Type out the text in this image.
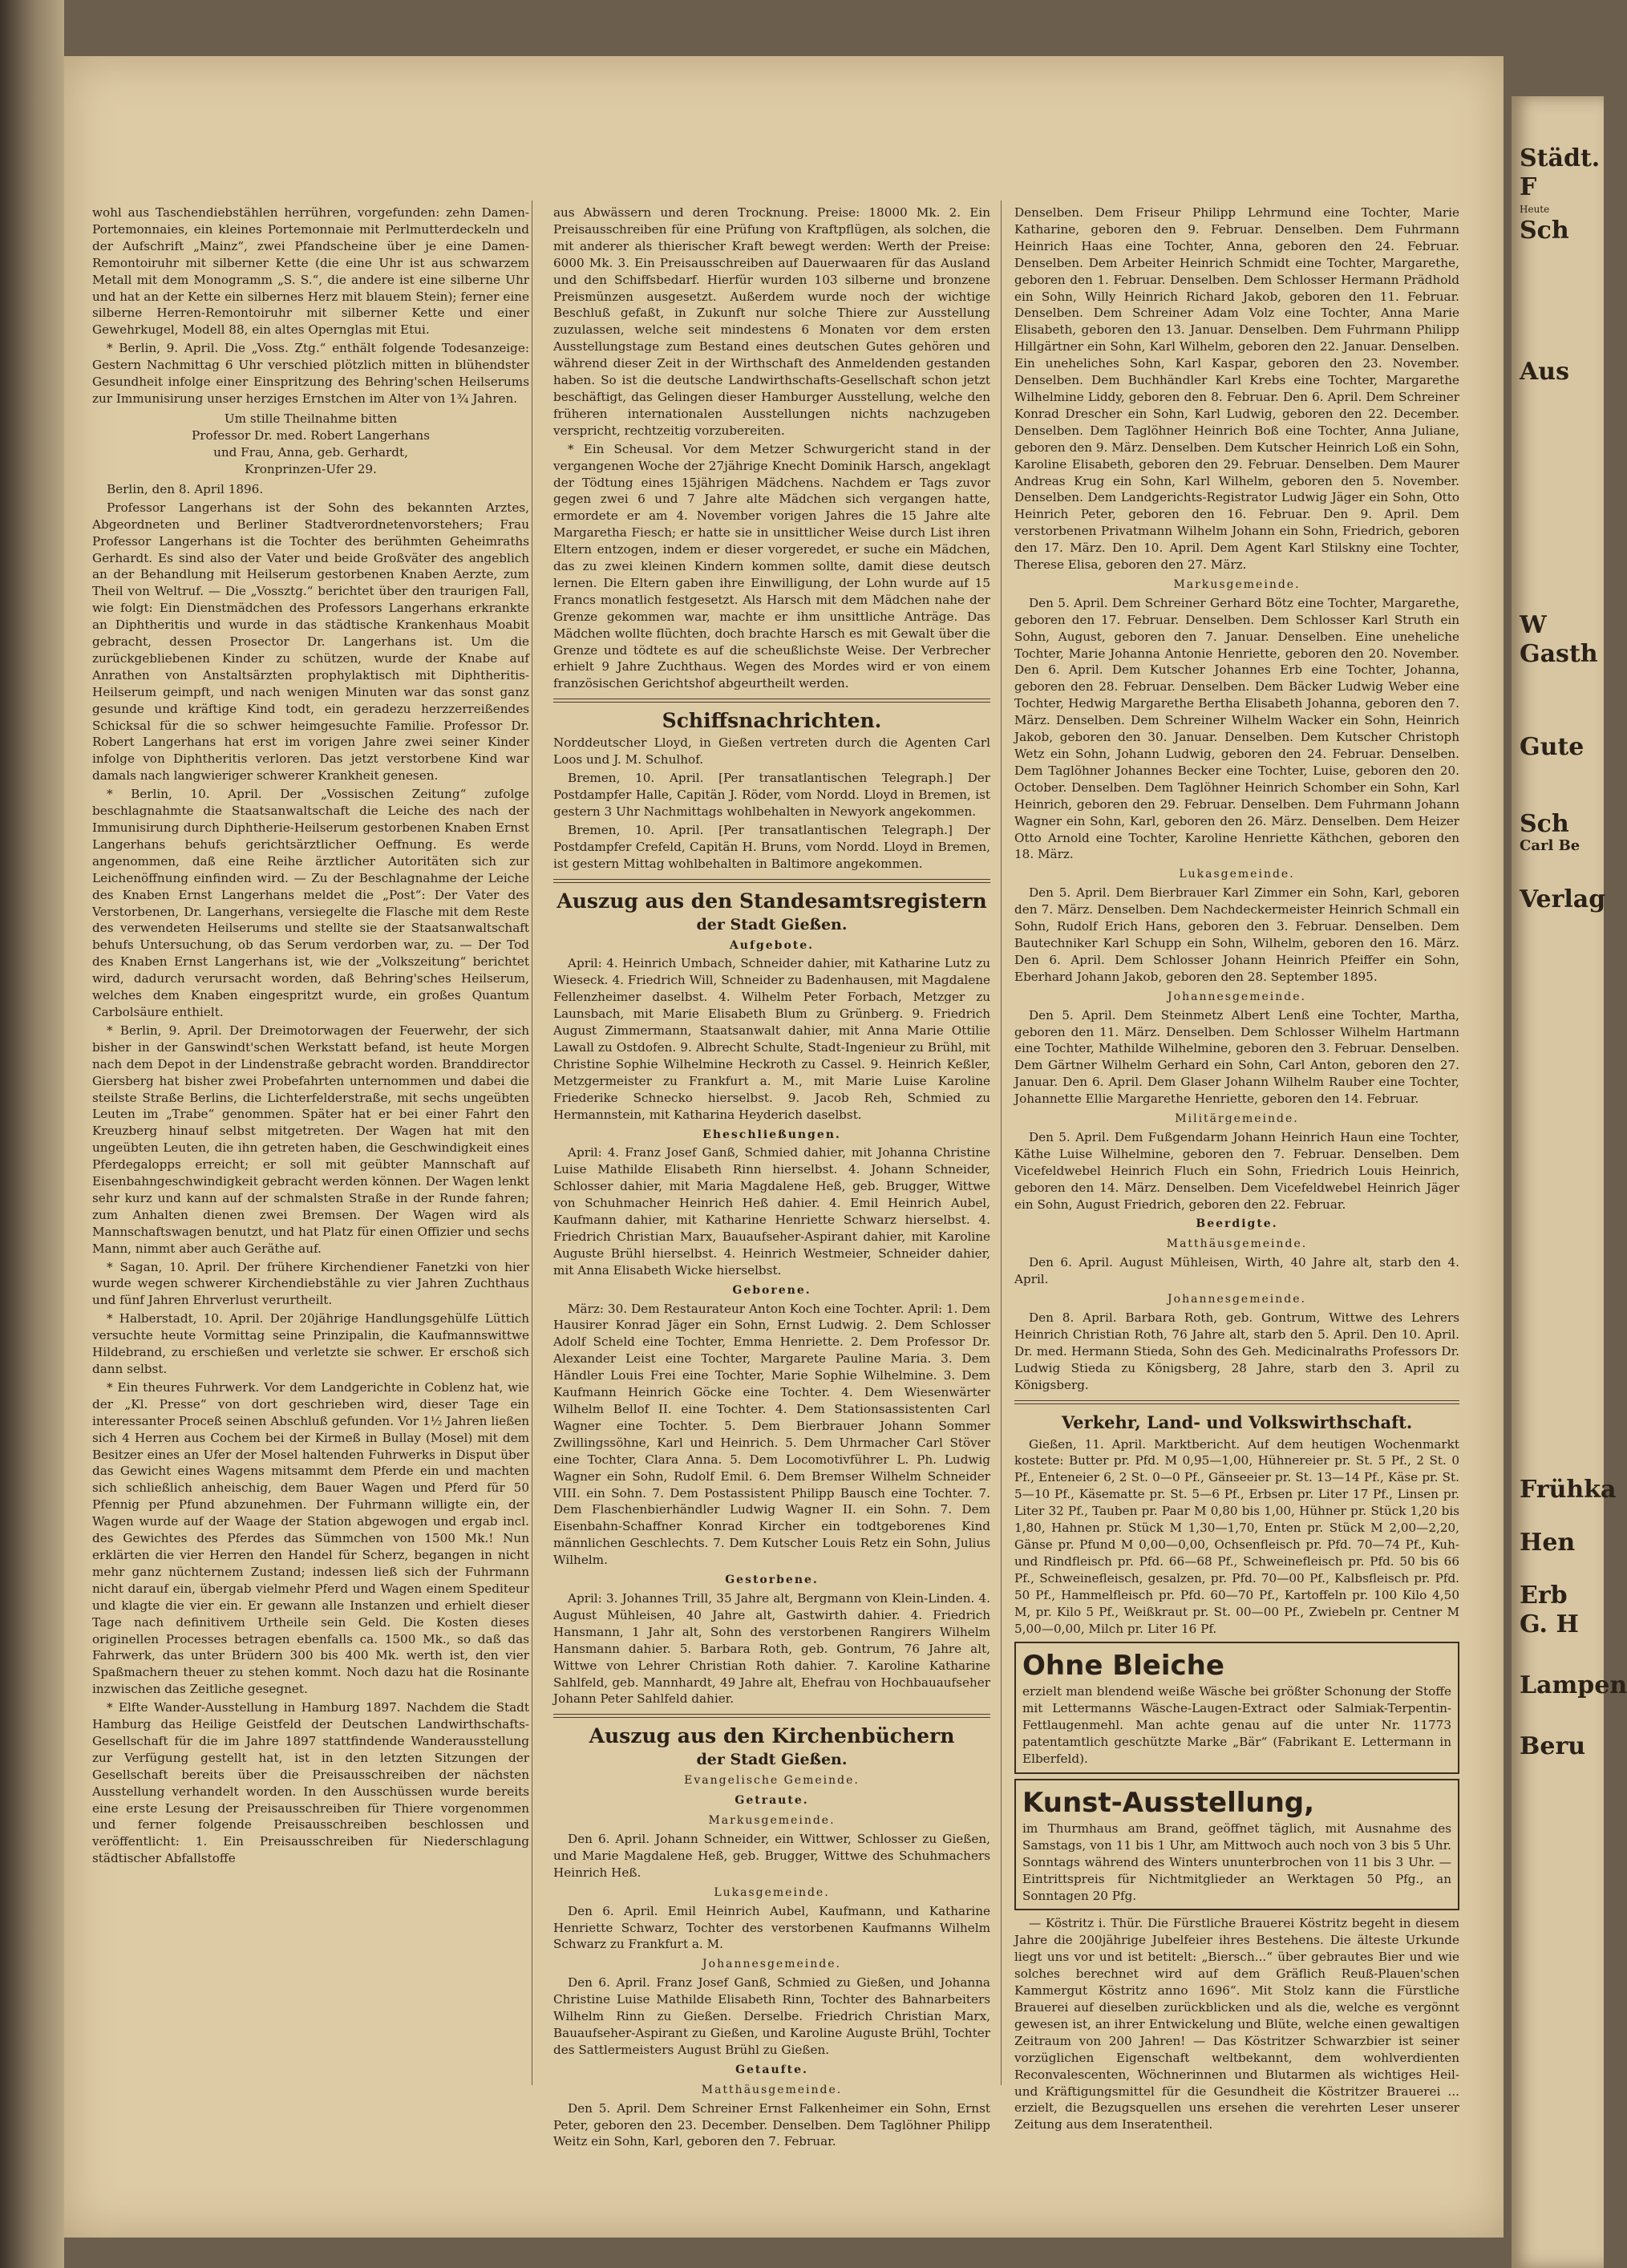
wohl aus Taschendiebstählen herrühren, vorgefunden: zehn Damen-Portemonnaies, ein kleines Portemonnaie mit Perlmutterdeckeln und der Aufschrift „Mainz“, zwei Pfandscheine über je eine Damen-Remontoiruhr mit silberner Kette (die eine Uhr ist aus schwarzem Metall mit dem Monogramm „S. S.“, die andere ist eine silberne Uhr und hat an der Kette ein silbernes Herz mit blauem Stein); ferner eine silberne Herren-Remontoiruhr mit silberner Kette und einer Gewehrkugel, Modell 88, ein altes Opernglas mit Etui.

* Berlin, 9. April. Die „Voss. Ztg.“ enthält folgende Todesanzeige: Gestern Nachmittag 6 Uhr verschied plötzlich mitten in blühendster Gesundheit infolge einer Einspritzung des Behring'schen Heilserums zur Immunisirung unser herziges Ernstchen im Alter von 1¾ Jahren.

Um stille Theilnahme bitten
Professor Dr. med. Robert Langerhans
und Frau, Anna, geb. Gerhardt,
Kronprinzen-Ufer 29.

Berlin, den 8. April 1896.

Professor Langerhans ist der Sohn des bekannten Arztes, Abgeordneten und Berliner Stadtverordnetenvorstehers; Frau Professor Langerhans ist die Tochter des berühmten Geheimraths Gerhardt. Es sind also der Vater und beide Großväter des angeblich an der Behandlung mit Heilserum gestorbenen Knaben Aerzte, zum Theil von Weltruf. — Die „Vossztg.“ berichtet über den traurigen Fall, wie folgt: Ein Dienstmädchen des Professors Langerhans erkrankte an Diphtheritis und wurde in das städtische Krankenhaus Moabit gebracht, dessen Prosector Dr. Langerhans ist. Um die zurückgebliebenen Kinder zu schützen, wurde der Knabe auf Anrathen von Anstaltsärzten prophylaktisch mit Diphtheritis-Heilserum geimpft, und nach wenigen Minuten war das sonst ganz gesunde und kräftige Kind todt, ein geradezu herzzerreißendes Schicksal für die so schwer heimgesuchte Familie. Professor Dr. Robert Langerhans hat erst im vorigen Jahre zwei seiner Kinder infolge von Diphtheritis verloren. Das jetzt verstorbene Kind war damals nach langwieriger schwerer Krankheit genesen.

* Berlin, 10. April. Der „Vossischen Zeitung“ zufolge beschlagnahmte die Staatsanwaltschaft die Leiche des nach der Immunisirung durch Diphtherie-Heilserum gestorbenen Knaben Ernst Langerhans behufs gerichtsärztlicher Oeffnung. Es werde angenommen, daß eine Reihe ärztlicher Autoritäten sich zur Leichenöffnung einfinden wird. — Zu der Beschlagnahme der Leiche des Knaben Ernst Langerhans meldet die „Post“: Der Vater des Verstorbenen, Dr. Langerhans, versiegelte die Flasche mit dem Reste des verwendeten Heilserums und stellte sie der Staatsanwaltschaft behufs Untersuchung, ob das Serum verdorben war, zu. — Der Tod des Knaben Ernst Langerhans ist, wie der „Volkszeitung“ berichtet wird, dadurch verursacht worden, daß Behring'sches Heilserum, welches dem Knaben eingespritzt wurde, ein großes Quantum Carbolsäure enthielt.

* Berlin, 9. April. Der Dreimotorwagen der Feuerwehr, der sich bisher in der Ganswindt'schen Werkstatt befand, ist heute Morgen nach dem Depot in der Lindenstraße gebracht worden. Branddirector Giersberg hat bisher zwei Probefahrten unternommen und dabei die steilste Straße Berlins, die Lichterfelderstraße, mit sechs ungeübten Leuten im „Trabe“ genommen. Später hat er bei einer Fahrt den Kreuzberg hinauf selbst mitgetreten. Der Wagen hat mit den ungeübten Leuten, die ihn getreten haben, die Geschwindigkeit eines Pferdegalopps erreicht; er soll mit geübter Mannschaft auf Eisenbahngeschwindigkeit gebracht werden können. Der Wagen lenkt sehr kurz und kann auf der schmalsten Straße in der Runde fahren; zum Anhalten dienen zwei Bremsen. Der Wagen wird als Mannschaftswagen benutzt, und hat Platz für einen Offizier und sechs Mann, nimmt aber auch Geräthe auf.

* Sagan, 10. April. Der frühere Kirchendiener Fanetzki von hier wurde wegen schwerer Kirchendiebstähle zu vier Jahren Zuchthaus und fünf Jahren Ehrverlust verurtheilt.

* Halberstadt, 10. April. Der 20jährige Handlungsgehülfe Lüttich versuchte heute Vormittag seine Prinzipalin, die Kaufmannswittwe Hildebrand, zu erschießen und verletzte sie schwer. Er erschoß sich dann selbst.

* Ein theures Fuhrwerk. Vor dem Landgerichte in Coblenz hat, wie der „Kl. Presse“ von dort geschrieben wird, dieser Tage ein interessanter Proceß seinen Abschluß gefunden. Vor 1½ Jahren ließen sich 4 Herren aus Cochem bei der Kirmeß in Bullay (Mosel) mit dem Besitzer eines an Ufer der Mosel haltenden Fuhrwerks in Disput über das Gewicht eines Wagens mitsammt dem Pferde ein und machten sich schließlich anheischig, dem Bauer Wagen und Pferd für 50 Pfennig per Pfund abzunehmen. Der Fuhrmann willigte ein, der Wagen wurde auf der Waage der Station abgewogen und ergab incl. des Gewichtes des Pferdes das Sümmchen von 1500 Mk.! Nun erklärten die vier Herren den Handel für Scherz, begangen in nicht mehr ganz nüchternem Zustand; indessen ließ sich der Fuhrmann nicht darauf ein, übergab vielmehr Pferd und Wagen einem Spediteur und klagte die vier ein. Er gewann alle Instanzen und erhielt dieser Tage nach definitivem Urtheile sein Geld. Die Kosten dieses originellen Processes betragen ebenfalls ca. 1500 Mk., so daß das Fahrwerk, das unter Brüdern 300 bis 400 Mk. werth ist, den vier Spaßmachern theuer zu stehen kommt. Noch dazu hat die Rosinante inzwischen das Zeitliche gesegnet.

* Elfte Wander-Ausstellung in Hamburg 1897. Nachdem die Stadt Hamburg das Heilige Geistfeld der Deutschen Landwirthschafts-Gesellschaft für die im Jahre 1897 stattfindende Wanderausstellung zur Verfügung gestellt hat, ist in den letzten Sitzungen der Gesellschaft bereits über die Preisausschreiben der nächsten Ausstellung verhandelt worden. In den Ausschüssen wurde bereits eine erste Lesung der Preisausschreiben für Thiere vorgenommen und ferner folgende Preisausschreiben beschlossen und veröffentlicht: 1. Ein Preisausschreiben für Niederschlagung städtischer Abfallstoffe

aus Abwässern und deren Trocknung. Preise: 18000 Mk. 2. Ein Preisausschreiben für eine Prüfung von Kraftpflügen, als solchen, die mit anderer als thierischer Kraft bewegt werden: Werth der Preise: 6000 Mk. 3. Ein Preisausschreiben auf Dauerwaaren für das Ausland und den Schiffsbedarf. Hierfür wurden 103 silberne und bronzene Preismünzen ausgesetzt. Außerdem wurde noch der wichtige Beschluß gefaßt, in Zukunft nur solche Thiere zur Ausstellung zuzulassen, welche seit mindestens 6 Monaten vor dem ersten Ausstellungstage zum Bestand eines deutschen Gutes gehören und während dieser Zeit in der Wirthschaft des Anmeldenden gestanden haben. So ist die deutsche Landwirthschafts-Gesellschaft schon jetzt beschäftigt, das Gelingen dieser Hamburger Ausstellung, welche den früheren internationalen Ausstellungen nichts nachzugeben verspricht, rechtzeitig vorzubereiten.

* Ein Scheusal. Vor dem Metzer Schwurgericht stand in der vergangenen Woche der 27jährige Knecht Dominik Harsch, angeklagt der Tödtung eines 15jährigen Mädchens. Nachdem er Tags zuvor gegen zwei 6 und 7 Jahre alte Mädchen sich vergangen hatte, ermordete er am 4. November vorigen Jahres die 15 Jahre alte Margaretha Fiesch; er hatte sie in unsittlicher Weise durch List ihren Eltern entzogen, indem er dieser vorgeredet, er suche ein Mädchen, das zu zwei kleinen Kindern kommen sollte, damit diese deutsch lernen. Die Eltern gaben ihre Einwilligung, der Lohn wurde auf 15 Francs monatlich festgesetzt. Als Harsch mit dem Mädchen nahe der Grenze gekommen war, machte er ihm unsittliche Anträge. Das Mädchen wollte flüchten, doch brachte Harsch es mit Gewalt über die Grenze und tödtete es auf die scheußlichste Weise. Der Verbrecher erhielt 9 Jahre Zuchthaus. Wegen des Mordes wird er von einem französischen Gerichtshof abgeurtheilt werden.

Schiffsnachrichten.

Norddeutscher Lloyd, in Gießen vertreten durch die Agenten Carl Loos und J. M. Schulhof.

Bremen, 10. April. [Per transatlantischen Telegraph.] Der Postdampfer Halle, Capitän J. Röder, vom Nordd. Lloyd in Bremen, ist gestern 3 Uhr Nachmittags wohlbehalten in Newyork angekommen.

Bremen, 10. April. [Per transatlantischen Telegraph.] Der Postdampfer Crefeld, Capitän H. Bruns, vom Nordd. Lloyd in Bremen, ist gestern Mittag wohlbehalten in Baltimore angekommen.

Auszug aus den Standesamtsregistern
der Stadt Gießen.
Aufgebote.

April: 4. Heinrich Umbach, Schneider dahier, mit Katharine Lutz zu Wieseck. 4. Friedrich Will, Schneider zu Badenhausen, mit Magdalene Fellenzheimer daselbst. 4. Wilhelm Peter Forbach, Metzger zu Launsbach, mit Marie Elisabeth Blum zu Grünberg. 9. Friedrich August Zimmermann, Staatsanwalt dahier, mit Anna Marie Ottilie Lawall zu Ostdofen. 9. Albrecht Schulte, Stadt-Ingenieur zu Brühl, mit Christine Sophie Wilhelmine Heckroth zu Cassel. 9. Heinrich Keßler, Metzgermeister zu Frankfurt a. M., mit Marie Luise Karoline Friederike Schnecko hierselbst. 9. Jacob Reh, Schmied zu Hermannstein, mit Katharina Heyderich daselbst.

Eheschließungen.

April: 4. Franz Josef Ganß, Schmied dahier, mit Johanna Christine Luise Mathilde Elisabeth Rinn hierselbst. 4. Johann Schneider, Schlosser dahier, mit Maria Magdalene Heß, geb. Brugger, Wittwe von Schuhmacher Heinrich Heß dahier. 4. Emil Heinrich Aubel, Kaufmann dahier, mit Katharine Henriette Schwarz hierselbst. 4. Friedrich Christian Marx, Bauaufseher-Aspirant dahier, mit Karoline Auguste Brühl hierselbst. 4. Heinrich Westmeier, Schneider dahier, mit Anna Elisabeth Wicke hierselbst.

Geborene.

März: 30. Dem Restaurateur Anton Koch eine Tochter. April: 1. Dem Hausirer Konrad Jäger ein Sohn, Ernst Ludwig. 2. Dem Schlosser Adolf Scheld eine Tochter, Emma Henriette. 2. Dem Professor Dr. Alexander Leist eine Tochter, Margarete Pauline Maria. 3. Dem Händler Louis Frei eine Tochter, Marie Sophie Wilhelmine. 3. Dem Kaufmann Heinrich Göcke eine Tochter. 4. Dem Wiesenwärter Wilhelm Bellof II. eine Tochter. 4. Dem Stationsassistenten Carl Wagner eine Tochter. 5. Dem Bierbrauer Johann Sommer Zwillingssöhne, Karl und Heinrich. 5. Dem Uhrmacher Carl Stöver eine Tochter, Clara Anna. 5. Dem Locomotivführer L. Ph. Ludwig Wagner ein Sohn, Rudolf Emil. 6. Dem Bremser Wilhelm Schneider VIII. ein Sohn. 7. Dem Postassistent Philipp Bausch eine Tochter. 7. Dem Flaschenbierhändler Ludwig Wagner II. ein Sohn. 7. Dem Eisenbahn-Schaffner Konrad Kircher ein todtgeborenes Kind männlichen Geschlechts. 7. Dem Kutscher Louis Retz ein Sohn, Julius Wilhelm.

Gestorbene.

April: 3. Johannes Trill, 35 Jahre alt, Bergmann von Klein-Linden. 4. August Mühleisen, 40 Jahre alt, Gastwirth dahier. 4. Friedrich Hansmann, 1 Jahr alt, Sohn des verstorbenen Rangirers Wilhelm Hansmann dahier. 5. Barbara Roth, geb. Gontrum, 76 Jahre alt, Wittwe von Lehrer Christian Roth dahier. 7. Karoline Katharine Sahlfeld, geb. Mannhardt, 49 Jahre alt, Ehefrau von Hochbauaufseher Johann Peter Sahlfeld dahier.

Auszug aus den Kirchenbüchern
der Stadt Gießen.
Evangelische Gemeinde.
Getraute.
Markusgemeinde.

Den 6. April. Johann Schneider, ein Wittwer, Schlosser zu Gießen, und Marie Magdalene Heß, geb. Brugger, Wittwe des Schuhmachers Heinrich Heß.

Lukasgemeinde.

Den 6. April. Emil Heinrich Aubel, Kaufmann, und Katharine Henriette Schwarz, Tochter des verstorbenen Kaufmanns Wilhelm Schwarz zu Frankfurt a. M.

Johannesgemeinde.

Den 6. April. Franz Josef Ganß, Schmied zu Gießen, und Johanna Christine Luise Mathilde Elisabeth Rinn, Tochter des Bahnarbeiters Wilhelm Rinn zu Gießen. Derselbe. Friedrich Christian Marx, Bauaufseher-Aspirant zu Gießen, und Karoline Auguste Brühl, Tochter des Sattlermeisters August Brühl zu Gießen.

Getaufte.
Matthäusgemeinde.

Den 5. April. Dem Schreiner Ernst Falkenheimer ein Sohn, Ernst Peter, geboren den 23. December. Denselben. Dem Taglöhner Philipp Weitz ein Sohn, Karl, geboren den 7. Februar.

Denselben. Dem Friseur Philipp Lehrmund eine Tochter, Marie Katharine, geboren den 9. Februar. Denselben. Dem Fuhrmann Heinrich Haas eine Tochter, Anna, geboren den 24. Februar. Denselben. Dem Arbeiter Heinrich Schmidt eine Tochter, Margarethe, geboren den 1. Februar. Denselben. Dem Schlosser Hermann Prädhold ein Sohn, Willy Heinrich Richard Jakob, geboren den 11. Februar. Denselben. Dem Schreiner Adam Volz eine Tochter, Anna Marie Elisabeth, geboren den 13. Januar. Denselben. Dem Fuhrmann Philipp Hillgärtner ein Sohn, Karl Wilhelm, geboren den 22. Januar. Denselben. Ein uneheliches Sohn, Karl Kaspar, geboren den 23. November. Denselben. Dem Buchhändler Karl Krebs eine Tochter, Margarethe Wilhelmine Liddy, geboren den 8. Februar. Den 6. April. Dem Schreiner Konrad Drescher ein Sohn, Karl Ludwig, geboren den 22. December. Denselben. Dem Taglöhner Heinrich Boß eine Tochter, Anna Juliane, geboren den 9. März. Denselben. Dem Kutscher Heinrich Loß ein Sohn, Karoline Elisabeth, geboren den 29. Februar. Denselben. Dem Maurer Andreas Krug ein Sohn, Karl Wilhelm, geboren den 5. November. Denselben. Dem Landgerichts-Registrator Ludwig Jäger ein Sohn, Otto Heinrich Peter, geboren den 16. Februar. Den 9. April. Dem verstorbenen Privatmann Wilhelm Johann ein Sohn, Friedrich, geboren den 17. März. Den 10. April. Dem Agent Karl Stilskny eine Tochter, Therese Elisa, geboren den 27. März.

Markusgemeinde.

Den 5. April. Dem Schreiner Gerhard Bötz eine Tochter, Margarethe, geboren den 17. Februar. Denselben. Dem Schlosser Karl Struth ein Sohn, August, geboren den 7. Januar. Denselben. Eine uneheliche Tochter, Marie Johanna Antonie Henriette, geboren den 20. November. Den 6. April. Dem Kutscher Johannes Erb eine Tochter, Johanna, geboren den 28. Februar. Denselben. Dem Bäcker Ludwig Weber eine Tochter, Hedwig Margarethe Bertha Elisabeth Johanna, geboren den 7. März. Denselben. Dem Schreiner Wilhelm Wacker ein Sohn, Heinrich Jakob, geboren den 30. Januar. Denselben. Dem Kutscher Christoph Wetz ein Sohn, Johann Ludwig, geboren den 24. Februar. Denselben. Dem Taglöhner Johannes Becker eine Tochter, Luise, geboren den 20. October. Denselben. Dem Taglöhner Heinrich Schomber ein Sohn, Karl Heinrich, geboren den 29. Februar. Denselben. Dem Fuhrmann Johann Wagner ein Sohn, Karl, geboren den 26. März. Denselben. Dem Heizer Otto Arnold eine Tochter, Karoline Henriette Käthchen, geboren den 18. März.

Lukasgemeinde.

Den 5. April. Dem Bierbrauer Karl Zimmer ein Sohn, Karl, geboren den 7. März. Denselben. Dem Nachdeckermeister Heinrich Schmall ein Sohn, Rudolf Erich Hans, geboren den 3. Februar. Denselben. Dem Bautechniker Karl Schupp ein Sohn, Wilhelm, geboren den 16. März. Den 6. April. Dem Schlosser Johann Heinrich Pfeiffer ein Sohn, Eberhard Johann Jakob, geboren den 28. September 1895.

Johannesgemeinde.

Den 5. April. Dem Steinmetz Albert Lenß eine Tochter, Martha, geboren den 11. März. Denselben. Dem Schlosser Wilhelm Hartmann eine Tochter, Mathilde Wilhelmine, geboren den 3. Februar. Denselben. Dem Gärtner Wilhelm Gerhard ein Sohn, Carl Anton, geboren den 27. Januar. Den 6. April. Dem Glaser Johann Wilhelm Rauber eine Tochter, Johannette Ellie Margarethe Henriette, geboren den 14. Februar.

Militärgemeinde.

Den 5. April. Dem Fußgendarm Johann Heinrich Haun eine Tochter, Käthe Luise Wilhelmine, geboren den 7. Februar. Denselben. Dem Vicefeldwebel Heinrich Fluch ein Sohn, Friedrich Louis Heinrich, geboren den 14. März. Denselben. Dem Vicefeldwebel Heinrich Jäger ein Sohn, August Friedrich, geboren den 22. Februar.

Beerdigte.
Matthäusgemeinde.

Den 6. April. August Mühleisen, Wirth, 40 Jahre alt, starb den 4. April.

Johannesgemeinde.

Den 8. April. Barbara Roth, geb. Gontrum, Wittwe des Lehrers Heinrich Christian Roth, 76 Jahre alt, starb den 5. April. Den 10. April. Dr. med. Hermann Stieda, Sohn des Geh. Medicinalraths Professors Dr. Ludwig Stieda zu Königsberg, 28 Jahre, starb den 3. April zu Königsberg.

Verkehr, Land- und Volkswirthschaft.

Gießen, 11. April. Marktbericht. Auf dem heutigen Wochenmarkt kostete: Butter pr. Pfd. M 0,95—1,00, Hühnereier pr. St. 5 Pf., 2 St. 0 Pf., Enteneier 6, 2 St. 0—0 Pf., Gänseeier pr. St. 13—14 Pf., Käse pr. St. 5—10 Pf., Käsematte pr. St. 5—6 Pf., Erbsen pr. Liter 17 Pf., Linsen pr. Liter 32 Pf., Tauben pr. Paar M 0,80 bis 1,00, Hühner pr. Stück 1,20 bis 1,80, Hahnen pr. Stück M 1,30—1,70, Enten pr. Stück M 2,00—2,20, Gänse pr. Pfund M 0,00—0,00, Ochsenfleisch pr. Pfd. 70—74 Pf., Kuh- und Rindfleisch pr. Pfd. 66—68 Pf., Schweinefleisch pr. Pfd. 50 bis 66 Pf., Schweinefleisch, gesalzen, pr. Pfd. 70—00 Pf., Kalbsfleisch pr. Pfd. 50 Pf., Hammelfleisch pr. Pfd. 60—70 Pf., Kartoffeln pr. 100 Kilo 4,50 M, pr. Kilo 5 Pf., Weißkraut pr. St. 00—00 Pf., Zwiebeln pr. Centner M 5,00—0,00, Milch pr. Liter 16 Pf.

Ohne Bleiche

erzielt man blendend weiße Wäsche bei größter Schonung der Stoffe mit Lettermanns Wäsche-Laugen-Extract oder Salmiak-Terpentin-Fettlaugenmehl. Man achte genau auf die unter Nr. 11773 patentamtlich geschützte Marke „Bär“ (Fabrikant E. Lettermann in Elberfeld).

Kunst-Ausstellung,

im Thurmhaus am Brand, geöffnet täglich, mit Ausnahme des Samstags, von 11 bis 1 Uhr, am Mittwoch auch noch von 3 bis 5 Uhr. Sonntags während des Winters ununterbrochen von 11 bis 3 Uhr. — Eintrittspreis für Nichtmitglieder an Werktagen 50 Pfg., an Sonntagen 20 Pfg.

— Köstritz i. Thür. Die Fürstliche Brauerei Köstritz begeht in diesem Jahre die 200jährige Jubelfeier ihres Bestehens. Die älteste Urkunde liegt uns vor und ist betitelt: „Biersch...“ über gebrautes Bier und wie solches berechnet wird auf dem Gräflich Reuß-Plauen'schen Kammergut Köstritz anno 1696“. Mit Stolz kann die Fürstliche Brauerei auf dieselben zurückblicken und als die, welche es vergönnt gewesen ist, an ihrer Entwickelung und Blüte, welche einen gewaltigen Zeitraum von 200 Jahren! — Das Köstritzer Schwarzbier ist seiner vorzüglichen Eigenschaft weltbekannt, dem wohlverdienten Reconvalescenten, Wöchnerinnen und Blutarmen als wichtiges Heil- und Kräftigungsmittel für die Gesundheit die Köstritzer Brauerei ... erzielt, die Bezugsquellen uns ersehen die verehrten Leser unserer Zeitung aus dem Inseratentheil.

Städt.
F
Heute
Sch
Aus
W
Gasth
Gute
Sch
Carl Be
Verlag
Frühka
Hen
Erb
G. H
Lampen
Beru
